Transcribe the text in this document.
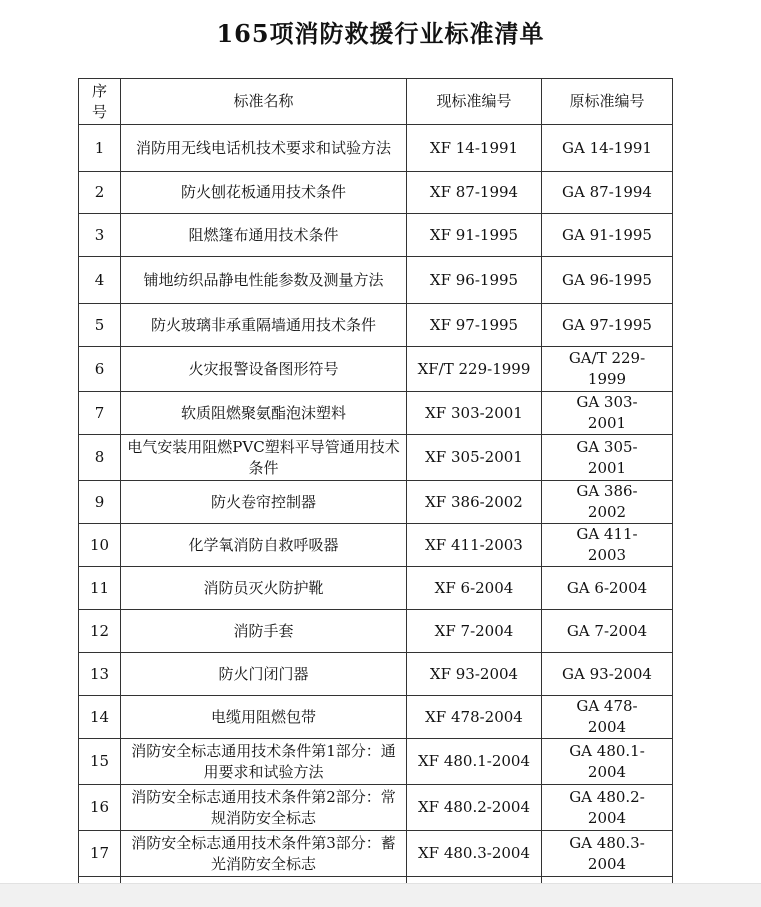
165项消防救援行业标准清单
序号	标准名称	现标准编号	原标准编号
1	消防用无线电话机技术要求和试验方法	XF 14-1991	GA 14-1991
2	防火刨花板通用技术条件	XF 87-1994	GA 87-1994
3	阻燃篷布通用技术条件	XF 91-1995	GA 91-1995
4	铺地纺织品静电性能参数及测量方法	XF 96-1995	GA 96-1995
5	防火玻璃非承重隔墙通用技术条件	XF 97-1995	GA 97-1995
6	火灾报警设备图形符号	XF/T 229-1999	GA/T 229-1999
7	软质阻燃聚氨酯泡沫塑料	XF 303-2001	GA 303-2001
8	电气安装用阻燃PVC塑料平导管通用技术条件	XF 305-2001	GA 305-2001
9	防火卷帘控制器	XF 386-2002	GA 386-2002
10	化学氧消防自救呼吸器	XF 411-2003	GA 411-2003
11	消防员灭火防护靴	XF 6-2004	GA 6-2004
12	消防手套	XF 7-2004	GA 7-2004
13	防火门闭门器	XF 93-2004	GA 93-2004
14	电缆用阻燃包带	XF 478-2004	GA 478-2004
15	消防安全标志通用技术条件第1部分：通用要求和试验方法	XF 480.1-2004	GA 480.1-2004
16	消防安全标志通用技术条件第2部分：常规消防安全标志	XF 480.2-2004	GA 480.2-2004
17	消防安全标志通用技术条件第3部分：蓄光消防安全标志	XF 480.3-2004	GA 480.3-2004
